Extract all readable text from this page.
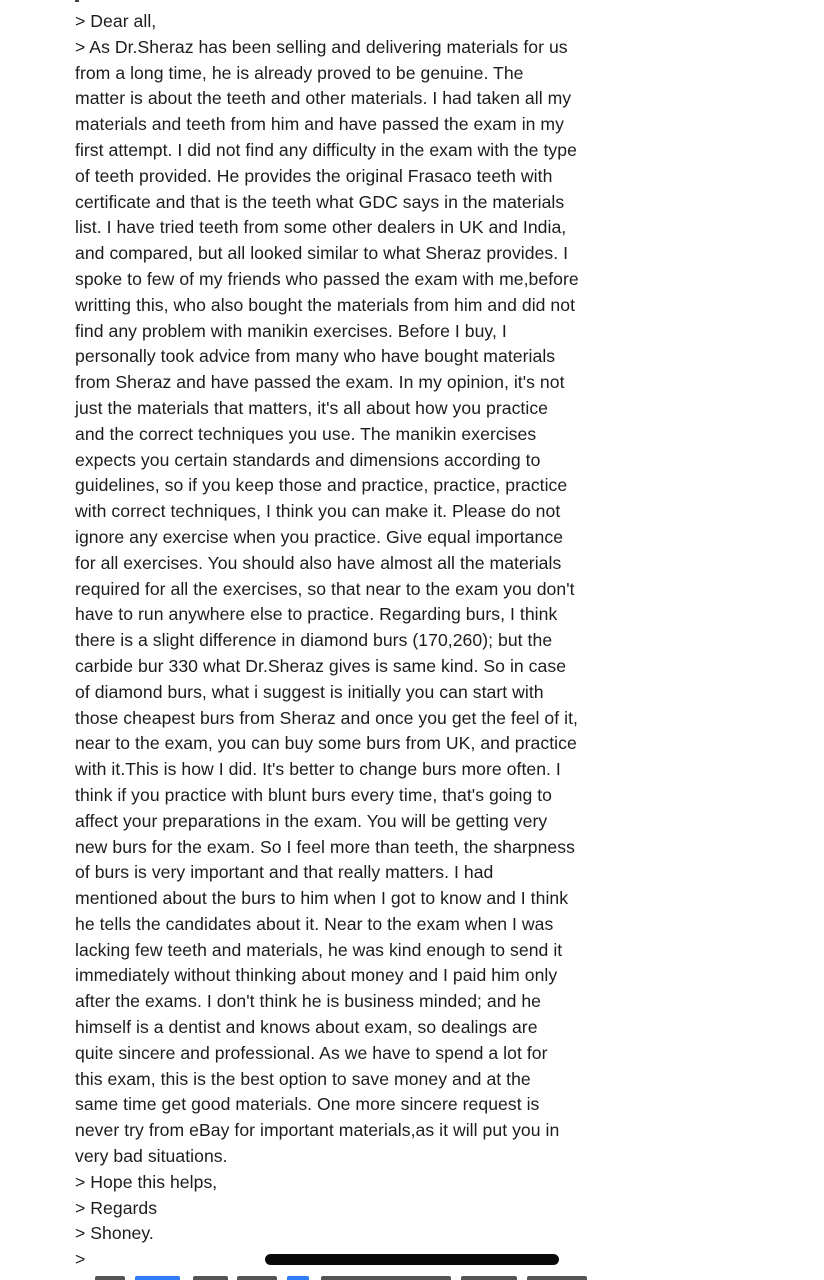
> Dear all,
> As Dr.Sheraz has been selling and delivering materials for us
from a long time, he is already proved to be genuine. The
matter is about the teeth and other materials. I had taken all my
materials and teeth from him and have passed the exam in my
first attempt. I did not find any difficulty in the exam with the type
of teeth provided. He provides the original Frasaco teeth with
certificate and that is the teeth what GDC says in the materials
list. I have tried teeth from some other dealers in UK and India,
and compared, but all looked similar to what Sheraz provides. I
spoke to few of my friends who passed the exam with me,before
writting this, who also bought the materials from him and did not
find any problem with manikin exercises. Before I buy, I
personally took advice from many who have bought materials
from Sheraz and have passed the exam. In my opinion, it's not
just the materials that matters, it's all about how you practice
and the correct techniques you use. The manikin exercises
expects you certain standards and dimensions according to
guidelines, so if you keep those and practice, practice, practice
with correct techniques, I think you can make it. Please do not
ignore any exercise when you practice. Give equal importance
for all exercises. You should also have almost all the materials
required for all the exercises, so that near to the exam you don't
have to run anywhere else to practice. Regarding burs, I think
there is a slight difference in diamond burs (170,260); but the
carbide bur 330 what Dr.Sheraz gives is same kind. So in case
of diamond burs, what i suggest is initially you can start with
those cheapest burs from Sheraz and once you get the feel of it,
near to the exam, you can buy some burs from UK, and practice
with it.This is how I did. It's better to change burs more often. I
think if you practice with blunt burs every time, that's going to
affect your preparations in the exam. You will be getting very
new burs for the exam. So I feel more than teeth, the sharpness
of burs is very important and that really matters. I had
mentioned about the burs to him when I got to know and I think
he tells the candidates about it. Near to the exam when I was
lacking few teeth and materials, he was kind enough to send it
immediately without thinking about money and I paid him only
after the exams. I don't think he is business minded; and he
himself is a dentist and knows about exam, so dealings are
quite sincere and professional. As we have to spend a lot for
this exam, this is the best option to save money and at the
same time get good materials. One more sincere request is
never try from eBay for important materials,as it will put you in
very bad situations.
> Hope this helps,
> Regards
> Shoney.
>
